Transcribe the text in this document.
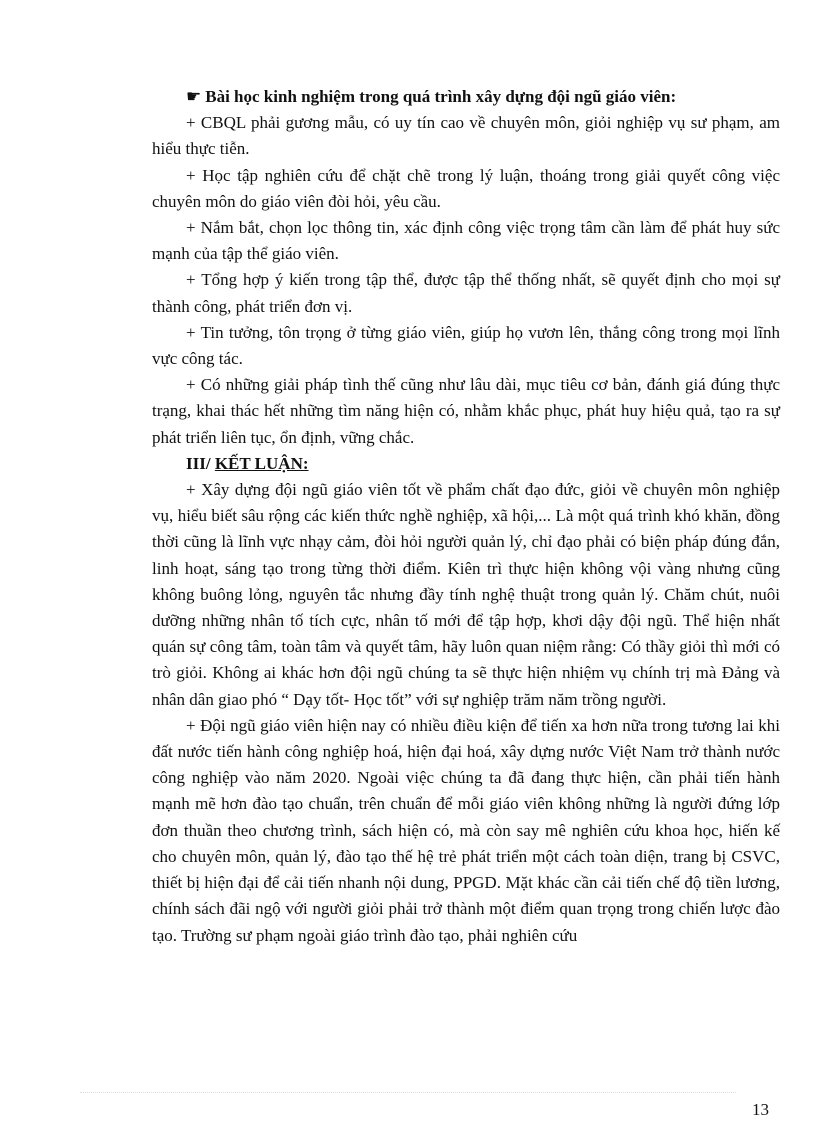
☛ Bài học kinh nghiệm trong quá trình xây dựng đội ngũ giáo viên:

+ CBQL phải gương mẫu, có uy tín cao về chuyên môn, giỏi nghiệp vụ sư phạm, am hiểu thực tiễn.

+ Học tập nghiên cứu để chặt chẽ trong lý luận, thoáng trong giải quyết công việc chuyên môn do giáo viên đòi hỏi, yêu cầu.

+ Nắm bắt, chọn lọc thông tin, xác định công việc trọng tâm cần làm để phát huy sức mạnh của tập thể giáo viên.

+ Tổng hợp ý kiến trong tập thể, được tập thể thống nhất, sẽ quyết định cho mọi sự thành công, phát triển đơn vị.

+ Tin tưởng, tôn trọng ở từng giáo viên, giúp họ vươn lên, thắng công trong mọi lĩnh vực công tác.

+ Có những giải pháp tình thế cũng như lâu dài, mục tiêu cơ bản, đánh giá đúng thực trạng, khai thác hết những tìm năng hiện có, nhằm khắc phục, phát huy hiệu quả, tạo ra sự phát triển liên tục, ổn định, vững chắc.

III/ KẾT LUẬN:

+ Xây dựng đội ngũ giáo viên tốt về phẩm chất đạo đức, giỏi về chuyên môn nghiệp vụ, hiểu biết sâu rộng các kiến thức nghề nghiệp, xã hội,... Là một quá trình khó khăn, đồng thời cũng là lĩnh vực nhạy cảm, đòi hỏi người quản lý, chỉ đạo phải có biện pháp đúng đắn, linh hoạt, sáng tạo trong từng thời điểm. Kiên trì thực hiện không vội vàng nhưng cũng không buông lỏng, nguyên tắc nhưng đầy tính nghệ thuật trong quản lý. Chăm chút, nuôi dưỡng những nhân tố tích cực, nhân tố mới để tập hợp, khơi dậy đội ngũ. Thể hiện nhất quán sự công tâm, toàn tâm và quyết tâm, hãy luôn quan niệm rằng: Có thầy giỏi thì mới có trò giỏi. Không ai khác hơn đội ngũ chúng ta sẽ thực hiện nhiệm vụ chính trị mà Đảng và nhân dân giao phó “ Dạy tốt- Học tốt” với sự nghiệp trăm năm trồng người.

+ Đội ngũ giáo viên hiện nay có nhiều điều kiện để tiến xa hơn nữa trong tương lai khi đất nước tiến hành công nghiệp hoá, hiện đại hoá, xây dựng nước Việt Nam trở thành nước công nghiệp vào năm 2020. Ngoài việc chúng ta đã đang thực hiện, cần phải tiến hành mạnh mẽ hơn đào tạo chuẩn, trên chuẩn để mỗi giáo viên không những là người đứng lớp đơn thuần theo chương trình, sách hiện có, mà còn say mê nghiên cứu khoa học, hiến kế cho chuyên môn, quản lý, đào tạo thế hệ trẻ phát triển một cách toàn diện, trang bị CSVC, thiết bị hiện đại để cải tiến nhanh nội dung, PPGD. Mặt khác cần cải tiến chế độ tiền lương, chính sách đãi ngộ với người giỏi phải trở thành một điểm quan trọng trong chiến lược đào tạo. Trường sư phạm ngoài giáo trình đào tạo, phải nghiên cứu

13
